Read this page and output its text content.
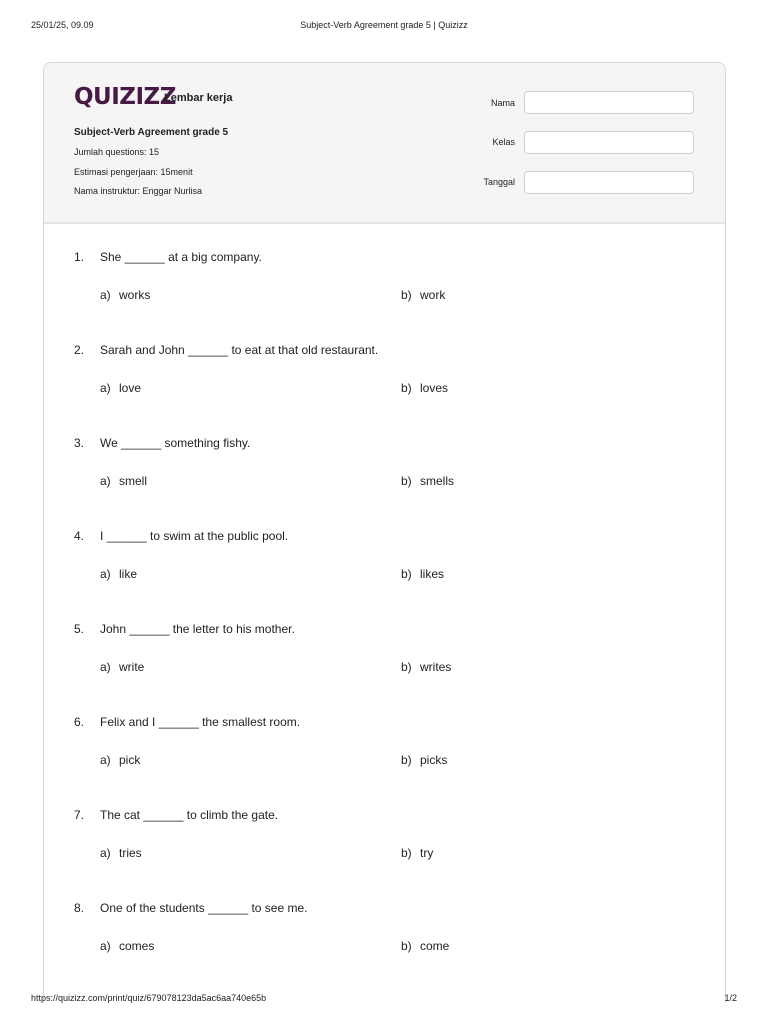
25/01/25, 09.09	Subject-Verb Agreement grade 5 | Quizizz
QUIZIZZ
Lembar kerja
Subject-Verb Agreement grade 5
Jumlah questions: 15
Estimasi pengerjaan: 15menit
Nama instruktur: Enggar Nurlisa
Nama
Kelas
Tanggal
1. She ______ at a big company.
a) works	b) work
2. Sarah and John ______ to eat at that old restaurant.
a) love	b) loves
3. We ______ something fishy.
a) smell	b) smells
4. I ______ to swim at the public pool.
a) like	b) likes
5. John ______ the letter to his mother.
a) write	b) writes
6. Felix and I ______ the smallest room.
a) pick	b) picks
7. The cat ______ to climb the gate.
a) tries	b) try
8. One of the students ______ to see me.
a) comes	b) come
https://quizizz.com/print/quiz/679078123da5ac6aa740e65b	1/2
